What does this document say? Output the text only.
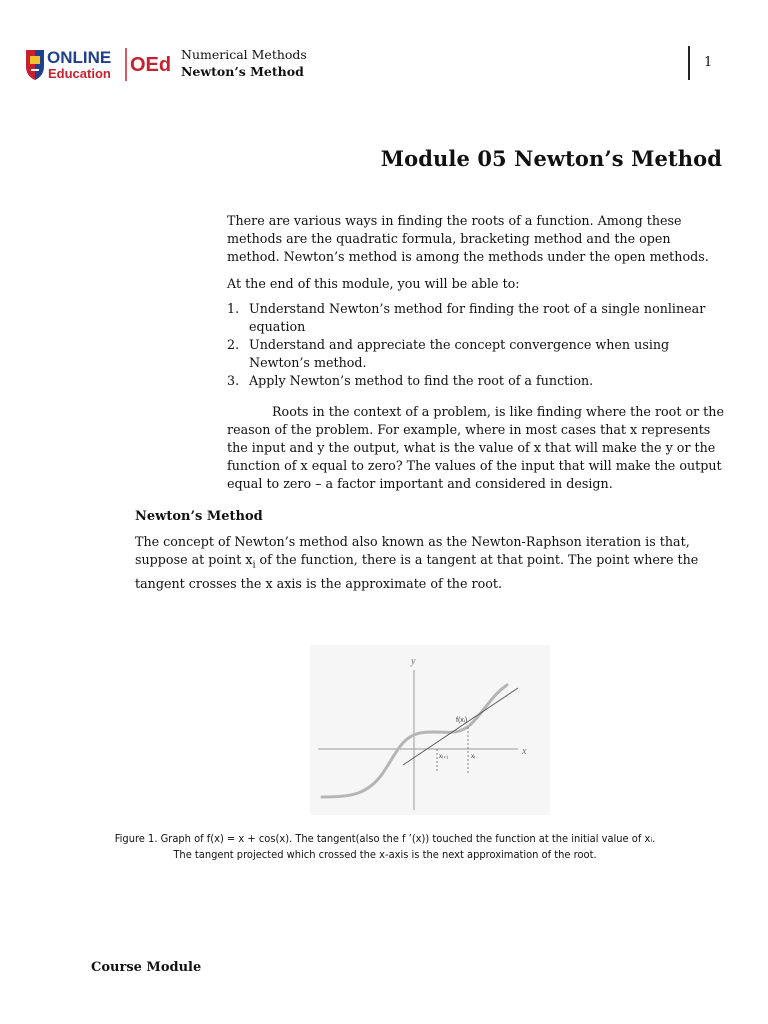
ONLINE
Education OEd Numerical Methods
Newton’s Method
1
Module 05 Newton’s Method
There are various ways in finding the roots of a function. Among these methods are the quadratic formula, bracketing method and the open method. Newton’s method is among the methods under the open methods.
At the end of this module, you will be able to:
1. Understand Newton’s method for finding the root of a single nonlinear equation
2. Understand and appreciate the concept convergence when using Newton’s method.
3. Apply Newton’s method to find the root of a function.
Roots in the context of a problem, is like finding where the root or the reason of the problem. For example, where in most cases that x represents the input and y the output, what is the value of x that will make the y or the function of x equal to zero? The values of the input that will make the output equal to zero – a factor important and considered in design.
Newton’s Method
The concept of Newton’s method also known as the Newton-Raphson iteration is that, suppose at point $x_i$ of the function, there is a tangent at that point. The point where the tangent crosses the x axis is the approximate of the root.
y
x
f(xᵢ)
xᵢ₊₁	xᵢ
Figure 1. Graph of f(x) = x + cos(x). The tangent(also the f ’(x)) touched the function at the initial value of xᵢ.
The tangent projected which crossed the x-axis is the next approximation of the root.
Course Module
